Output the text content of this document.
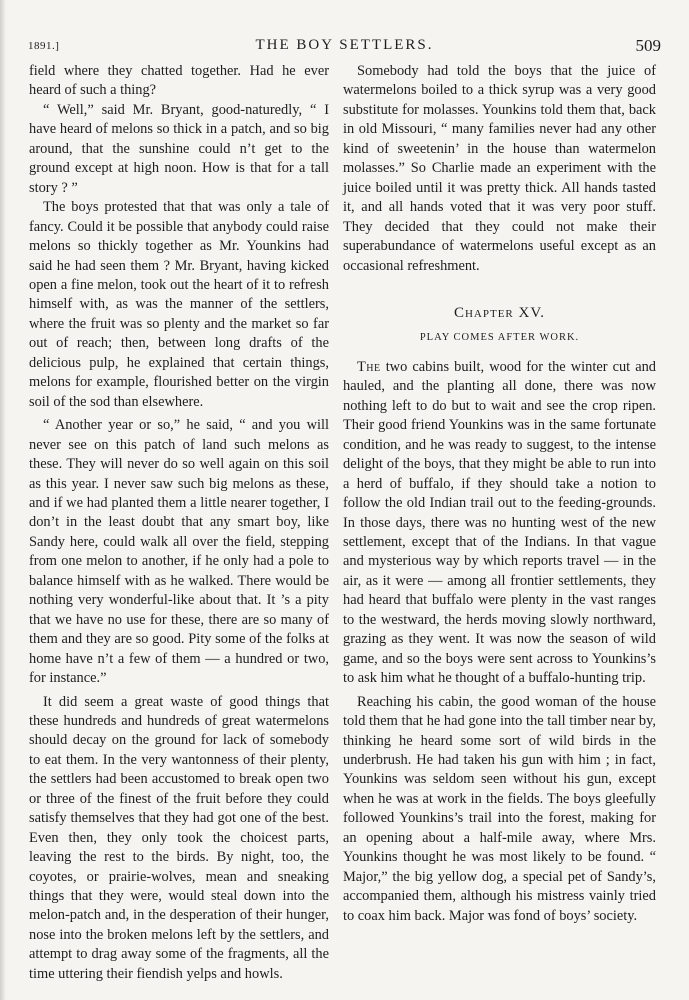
1891.]	THE BOY SETTLERS.	509

field where they chatted together. Had he ever heard of such a thing?

“ Well,” said Mr. Bryant, good-naturedly, “ I have heard of melons so thick in a patch, and so big around, that the sunshine could n’t get to the ground except at high noon. How is that for a tall story ? ”

The boys protested that that was only a tale of fancy. Could it be possible that anybody could raise melons so thickly together as Mr. Younkins had said he had seen them ? Mr. Bryant, having kicked open a fine melon, took out the heart of it to refresh himself with, as was the manner of the settlers, where the fruit was so plenty and the market so far out of reach; then, between long drafts of the delicious pulp, he explained that certain things, melons for example, flourished better on the virgin soil of the sod than elsewhere.

“ Another year or so,” he said, “ and you will never see on this patch of land such melons as these. They will never do so well again on this soil as this year. I never saw such big melons as these, and if we had planted them a little nearer together, I don’t in the least doubt that any smart boy, like Sandy here, could walk all over the field, stepping from one melon to another, if he only had a pole to balance himself with as he walked. There would be nothing very wonderful-like about that. It ’s a pity that we have no use for these, there are so many of them and they are so good. Pity some of the folks at home have n’t a few of them — a hundred or two, for instance.”

It did seem a great waste of good things that these hundreds and hundreds of great watermelons should decay on the ground for lack of somebody to eat them. In the very wantonness of their plenty, the settlers had been accustomed to break open two or three of the finest of the fruit before they could satisfy themselves that they had got one of the best. Even then, they only took the choicest parts, leaving the rest to the birds. By night, too, the coyotes, or prairie-wolves, mean and sneaking things that they were, would steal down into the melon-patch and, in the desperation of their hunger, nose into the broken melons left by the settlers, and attempt to drag away some of the fragments, all the time uttering their fiendish yelps and howls.

Somebody had told the boys that the juice of watermelons boiled to a thick syrup was a very good substitute for molasses. Younkins told them that, back in old Missouri, “ many families never had any other kind of sweetenin’ in the house than watermelon molasses.” So Charlie made an experiment with the juice boiled until it was pretty thick. All hands tasted it, and all hands voted that it was very poor stuff. They decided that they could not make their superabundance of watermelons useful except as an occasional refreshment.

Chapter XV.

PLAY COMES AFTER WORK.

The two cabins built, wood for the winter cut and hauled, and the planting all done, there was now nothing left to do but to wait and see the crop ripen. Their good friend Younkins was in the same fortunate condition, and he was ready to suggest, to the intense delight of the boys, that they might be able to run into a herd of buffalo, if they should take a notion to follow the old Indian trail out to the feeding-grounds. In those days, there was no hunting west of the new settlement, except that of the Indians. In that vague and mysterious way by which reports travel — in the air, as it were — among all frontier settlements, they had heard that buffalo were plenty in the vast ranges to the westward, the herds moving slowly northward, grazing as they went. It was now the season of wild game, and so the boys were sent across to Younkins’s to ask him what he thought of a buffalo-hunting trip.

Reaching his cabin, the good woman of the house told them that he had gone into the tall timber near by, thinking he heard some sort of wild birds in the underbrush. He had taken his gun with him ; in fact, Younkins was seldom seen without his gun, except when he was at work in the fields. The boys gleefully followed Younkins’s trail into the forest, making for an opening about a half-mile away, where Mrs. Younkins thought he was most likely to be found. “ Major,” the big yellow dog, a special pet of Sandy’s, accompanied them, although his mistress vainly tried to coax him back. Major was fond of boys’ society.
